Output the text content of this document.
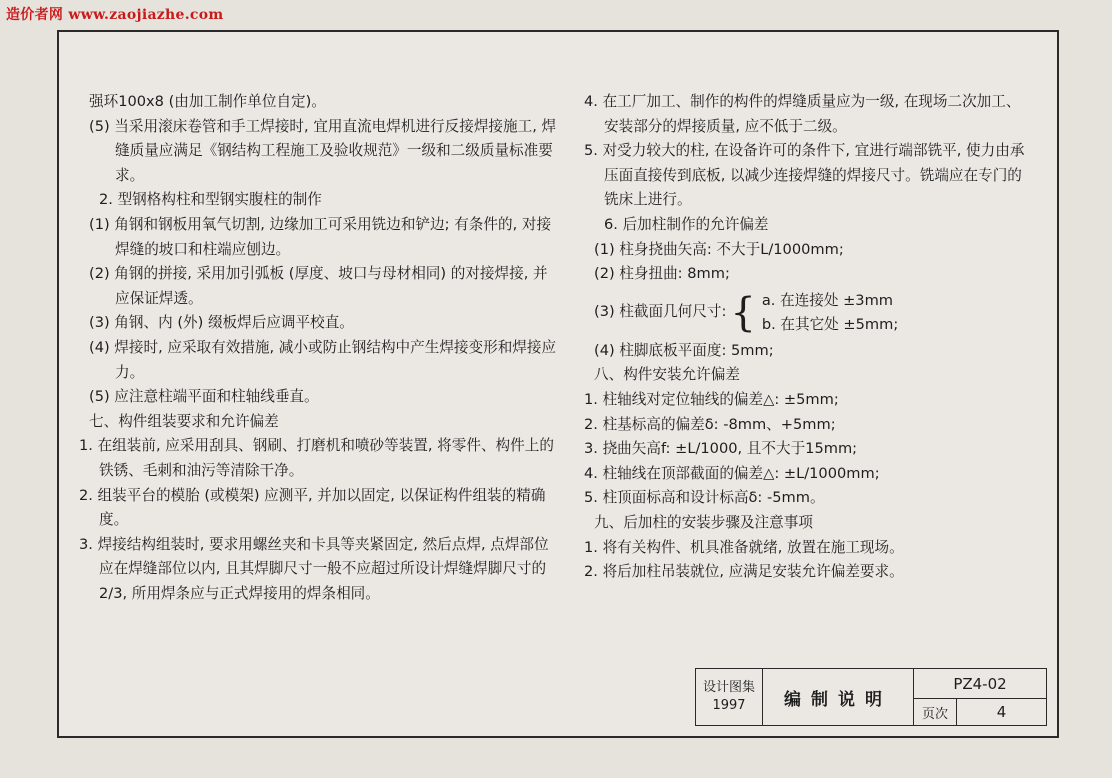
造价者网 www.zaojiazhe.com

强环100x8 (由加工制作单位自定)。

(5) 当采用滚床卷管和手工焊接时, 宜用直流电焊机进行反接焊接施工, 焊缝质量应满足《钢结构工程施工及验收规范》一级和二级质量标准要求。

2. 型钢格构柱和型钢实腹柱的制作

(1) 角钢和钢板用氧气切割, 边缘加工可采用铣边和铲边; 有条件的, 对接焊缝的坡口和柱端应刨边。

(2) 角钢的拼接, 采用加引弧板 (厚度、坡口与母材相同) 的对接焊接, 并应保证焊透。

(3) 角钢、内 (外) 缀板焊后应调平校直。

(4) 焊接时, 应采取有效措施, 减小或防止钢结构中产生焊接变形和焊接应力。

(5) 应注意柱端平面和柱轴线垂直。

七、构件组装要求和允许偏差

1. 在组装前, 应采用刮具、钢刷、打磨机和喷砂等装置, 将零件、构件上的铁锈、毛刺和油污等清除干净。

2. 组装平台的模胎 (或模架) 应测平, 并加以固定, 以保证构件组装的精确度。

3. 焊接结构组装时, 要求用螺丝夹和卡具等夹紧固定, 然后点焊, 点焊部位应在焊缝部位以内, 且其焊脚尺寸一般不应超过所设计焊缝焊脚尺寸的2/3, 所用焊条应与正式焊接用的焊条相同。

4. 在工厂加工、制作的构件的焊缝质量应为一级, 在现场二次加工、安装部分的焊接质量, 应不低于二级。

5. 对受力较大的柱, 在设备许可的条件下, 宜进行端部铣平, 使力由承压面直接传到底板, 以减少连接焊缝的焊接尺寸。铣端应在专门的铣床上进行。

6. 后加柱制作的允许偏差

(1) 柱身挠曲矢高: 不大于L/1000mm;

(2) 柱身扭曲: 8mm;

(3) 柱截面几何尺寸: { a. 在连接处 ±3mm
b. 在其它处 ±5mm;

(4) 柱脚底板平面度: 5mm;

八、构件安装允许偏差

1. 柱轴线对定位轴线的偏差△: ±5mm;

2. 柱基标高的偏差δ: -8mm、+5mm;

3. 挠曲矢高f: ±L/1000, 且不大于15mm;

4. 柱轴线在顶部截面的偏差△: ±L/1000mm;

5. 柱顶面标高和设计标高δ: -5mm。

九、后加柱的安装步骤及注意事项

1. 将有关构件、机具准备就绪, 放置在施工现场。

2. 将后加柱吊装就位, 应满足安装允许偏差要求。

设计图集
1997 编制说明
PZ4-02
页次	4
